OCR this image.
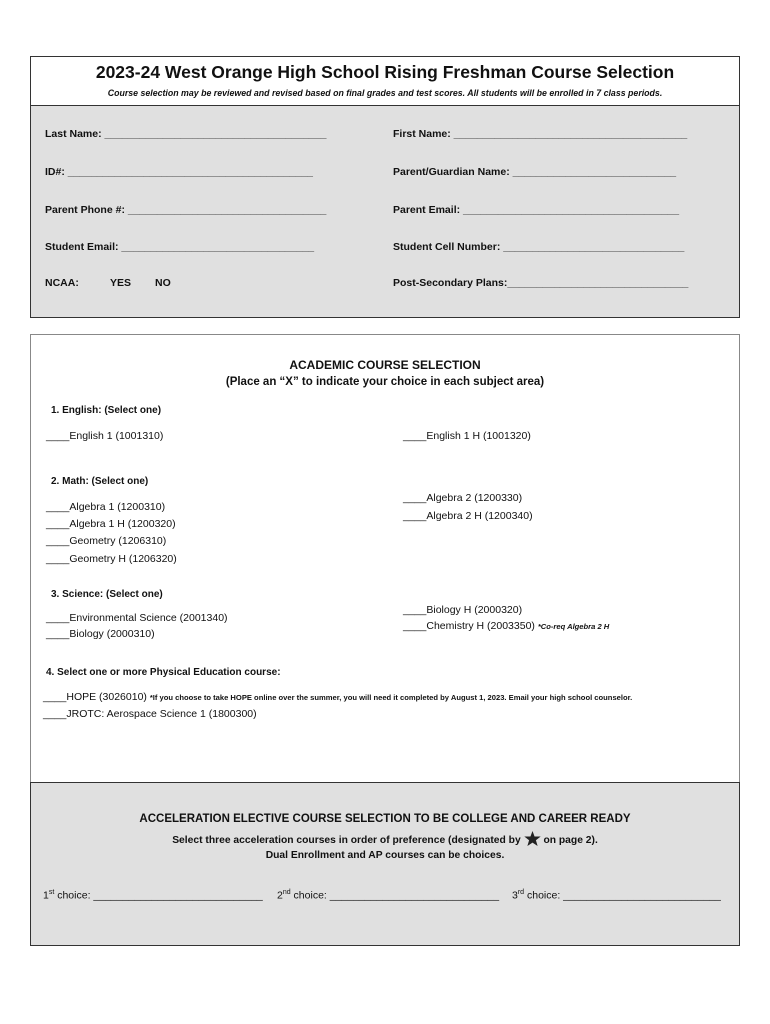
2023-24 West Orange High School Rising Freshman Course Selection
Course selection may be reviewed and revised based on final grades and test scores. All students will be enrolled in 7 class periods.
Last Name: ______________________________________	First Name: ________________________________________
ID#: __________________________________________	Parent/Guardian Name: ____________________________
Parent Phone #: __________________________________	Parent Email: _____________________________________
Student Email: _________________________________	Student Cell Number: _______________________________
NCAA:	YES NO	Post-Secondary Plans:_______________________________
ACADEMIC COURSE SELECTION
(Place an “X” to indicate your choice in each subject area)
1. English: (Select one)
____English 1 (1001310)	____English 1 H (1001320)
2. Math: (Select one)
____Algebra 1 (1200310)
____Algebra 1 H (1200320)
____Geometry (1206310)
____Geometry H (1206320)
____Algebra 2 (1200330)
____Algebra 2 H (1200340)
3. Science: (Select one)
____Environmental Science (2001340)
____Biology (2000310)
____Biology H (2000320)
____Chemistry H (2003350) *Co-req Algebra 2 H
4. Select one or more Physical Education course:
____HOPE (3026010) *If you choose to take HOPE online over the summer, you will need it completed by August 1, 2023. Email your high school counselor.
____JROTC: Aerospace Science 1 (1800300)
ACCELERATION ELECTIVE COURSE SELECTION TO BE COLLEGE AND CAREER READY
Select three acceleration courses in order of preference (designated by on page 2).
Dual Enrollment and AP courses can be choices.
1st choice: _____________________________ 2nd choice: _____________________________ 3rd choice: ___________________________
